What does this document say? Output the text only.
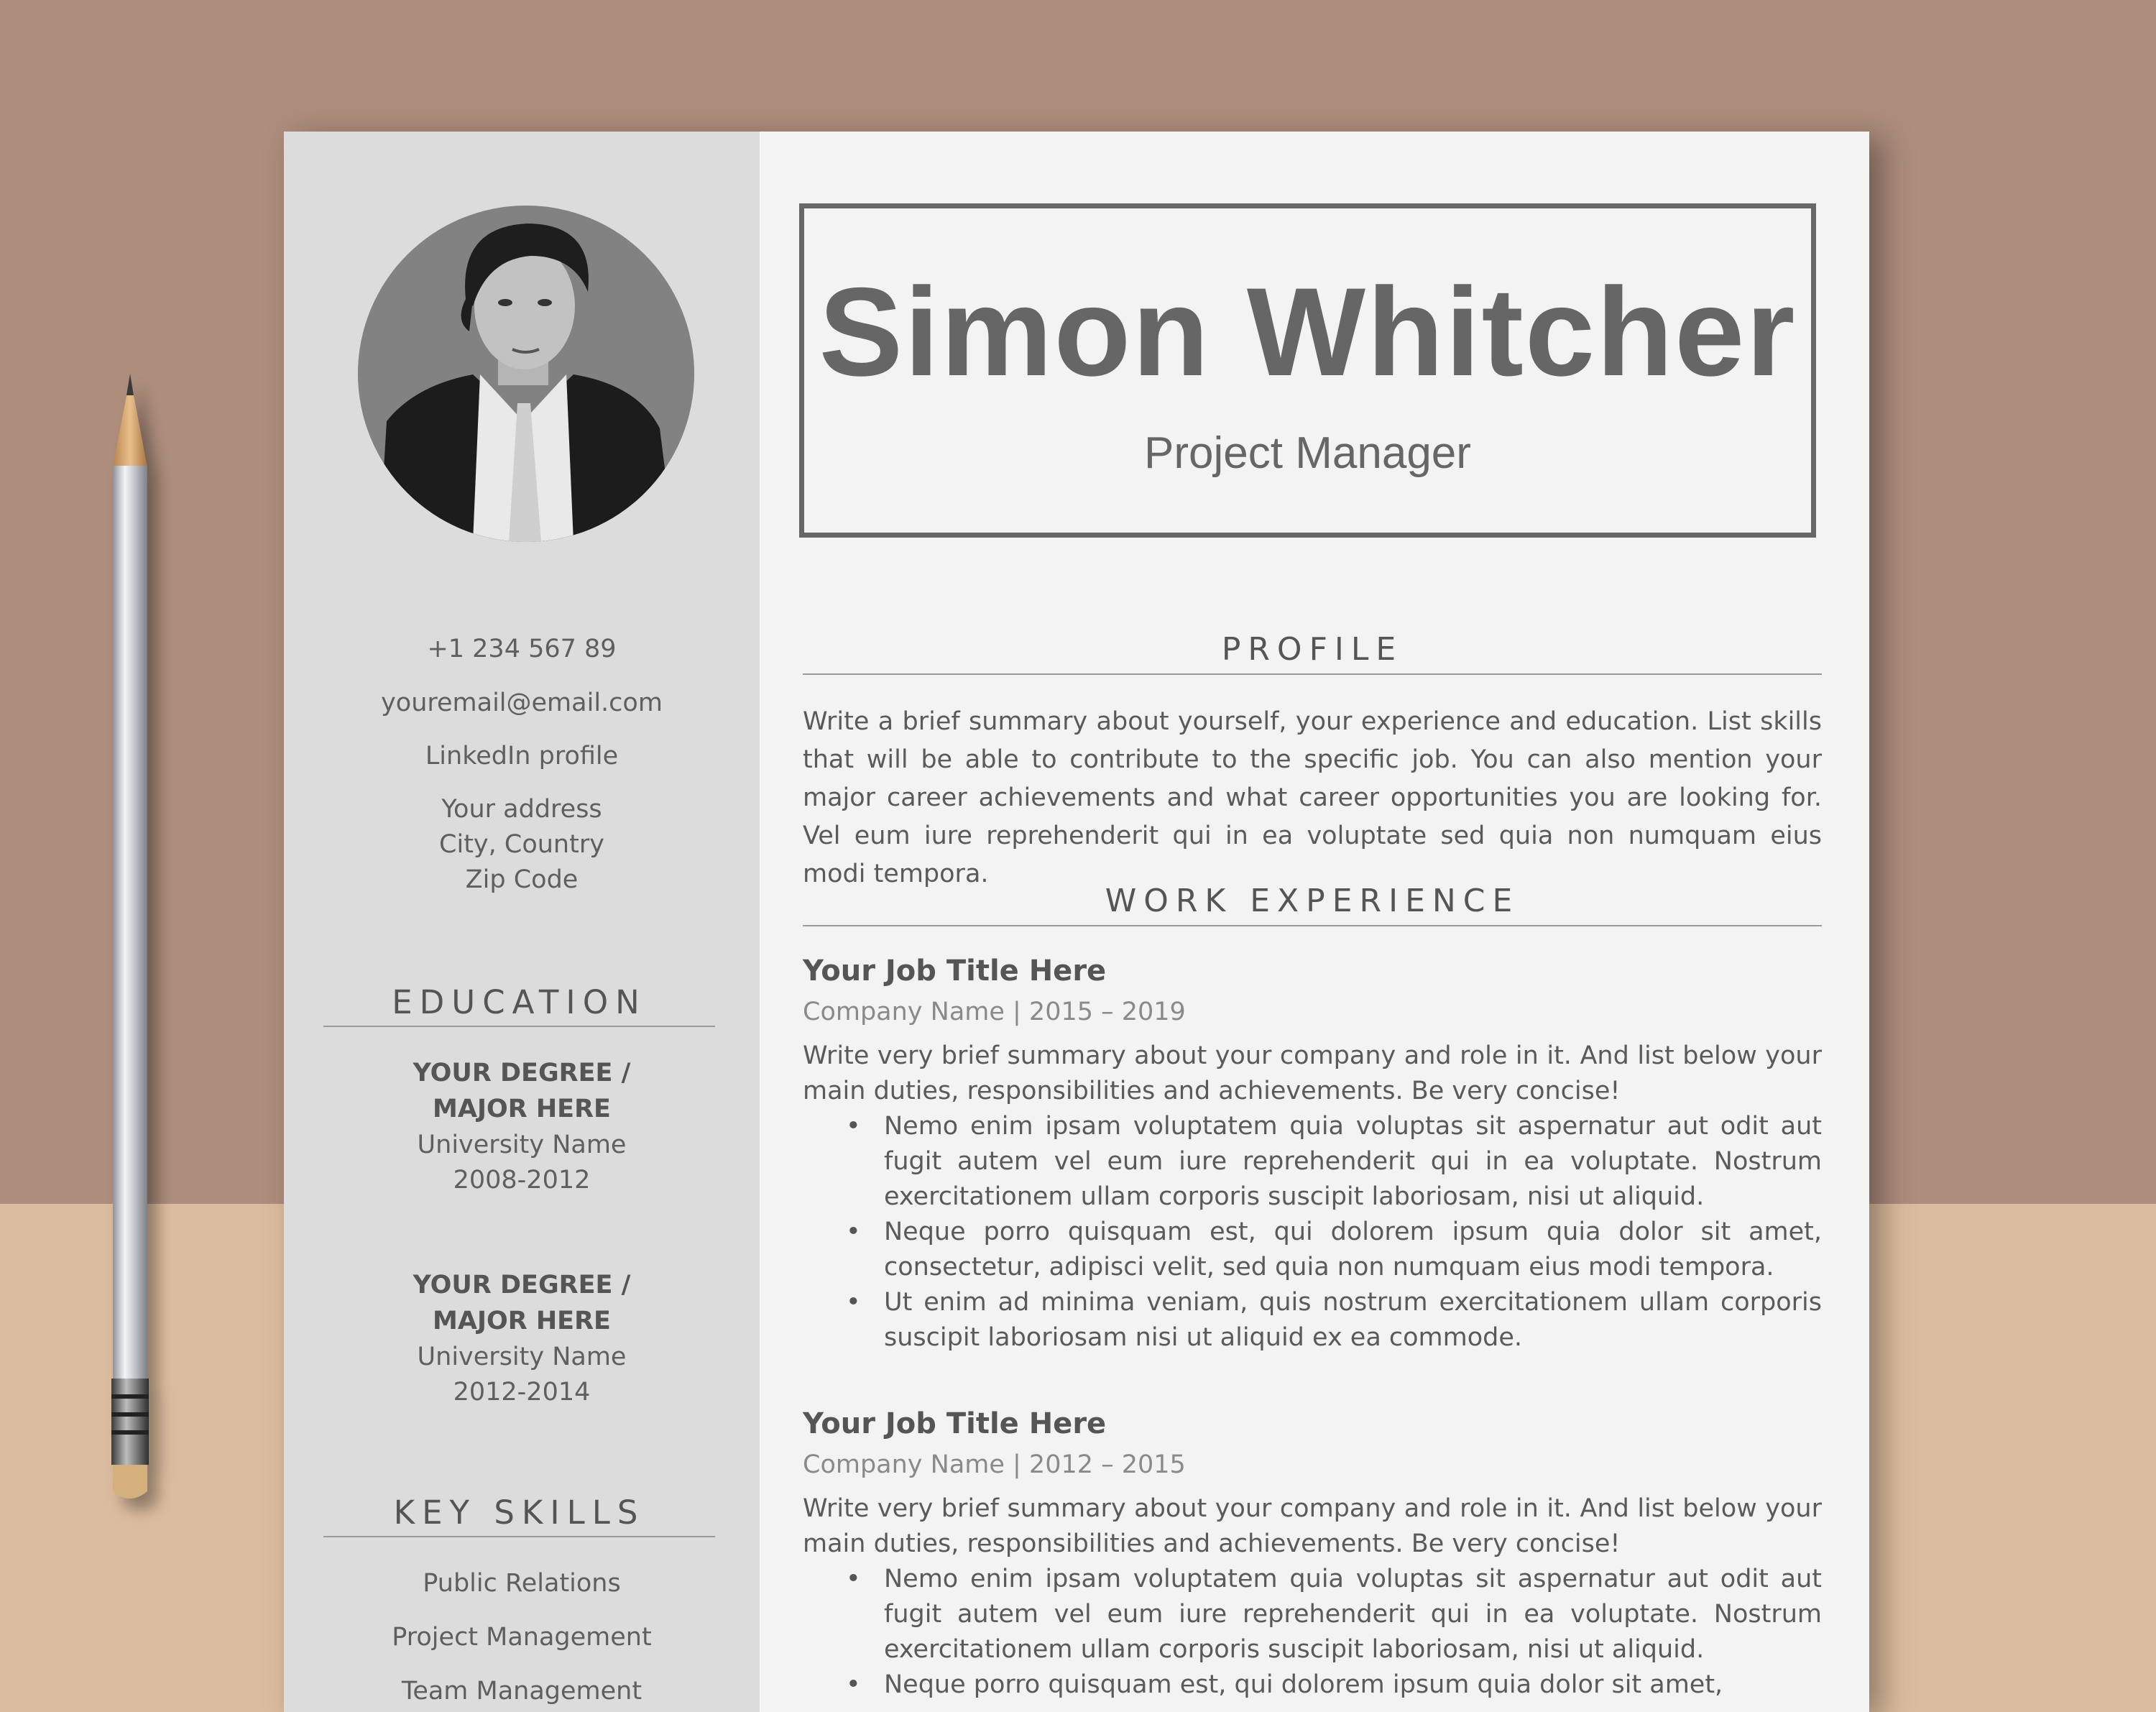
+1 234 567 89
youremail@email.com
LinkedIn profile
Your address
City, Country
Zip Code
EDUCATION
YOUR DEGREE /
MAJOR HERE
University Name
2008-2012
YOUR DEGREE /
MAJOR HERE
University Name
2012-2014
KEY SKILLS
Public Relations
Project Management
Team Management
Simon Whitcher
Project Manager
PROFILE

Write a brief summary about yourself, your experience and education. List skills that will be able to contribute to the specific job. You can also mention your major career achievements and what career opportunities you are looking for. Vel eum iure reprehenderit qui in ea voluptate sed quia non numquam eius modi tempora.

WORK EXPERIENCE
Your Job Title Here
Company Name | 2015 – 2019

Write very brief summary about your company and role in it. And list below your main duties, responsibilities and achievements. Be very concise!

• Nemo enim ipsam voluptatem quia voluptas sit aspernatur aut odit aut fugit autem vel eum iure reprehenderit qui in ea voluptate. Nostrum exercitationem ullam corporis suscipit laboriosam, nisi ut aliquid.
• Neque porro quisquam est, qui dolorem ipsum quia dolor sit amet, consectetur, adipisci velit, sed quia non numquam eius modi tempora.
• Ut enim ad minima veniam, quis nostrum exercitationem ullam corporis suscipit laboriosam nisi ut aliquid ex ea commode.
Your Job Title Here
Company Name | 2012 – 2015

Write very brief summary about your company and role in it. And list below your main duties, responsibilities and achievements. Be very concise!

• Nemo enim ipsam voluptatem quia voluptas sit aspernatur aut odit aut fugit autem vel eum iure reprehenderit qui in ea voluptate. Nostrum exercitationem ullam corporis suscipit laboriosam, nisi ut aliquid.
• Neque porro quisquam est, qui dolorem ipsum quia dolor sit amet,
